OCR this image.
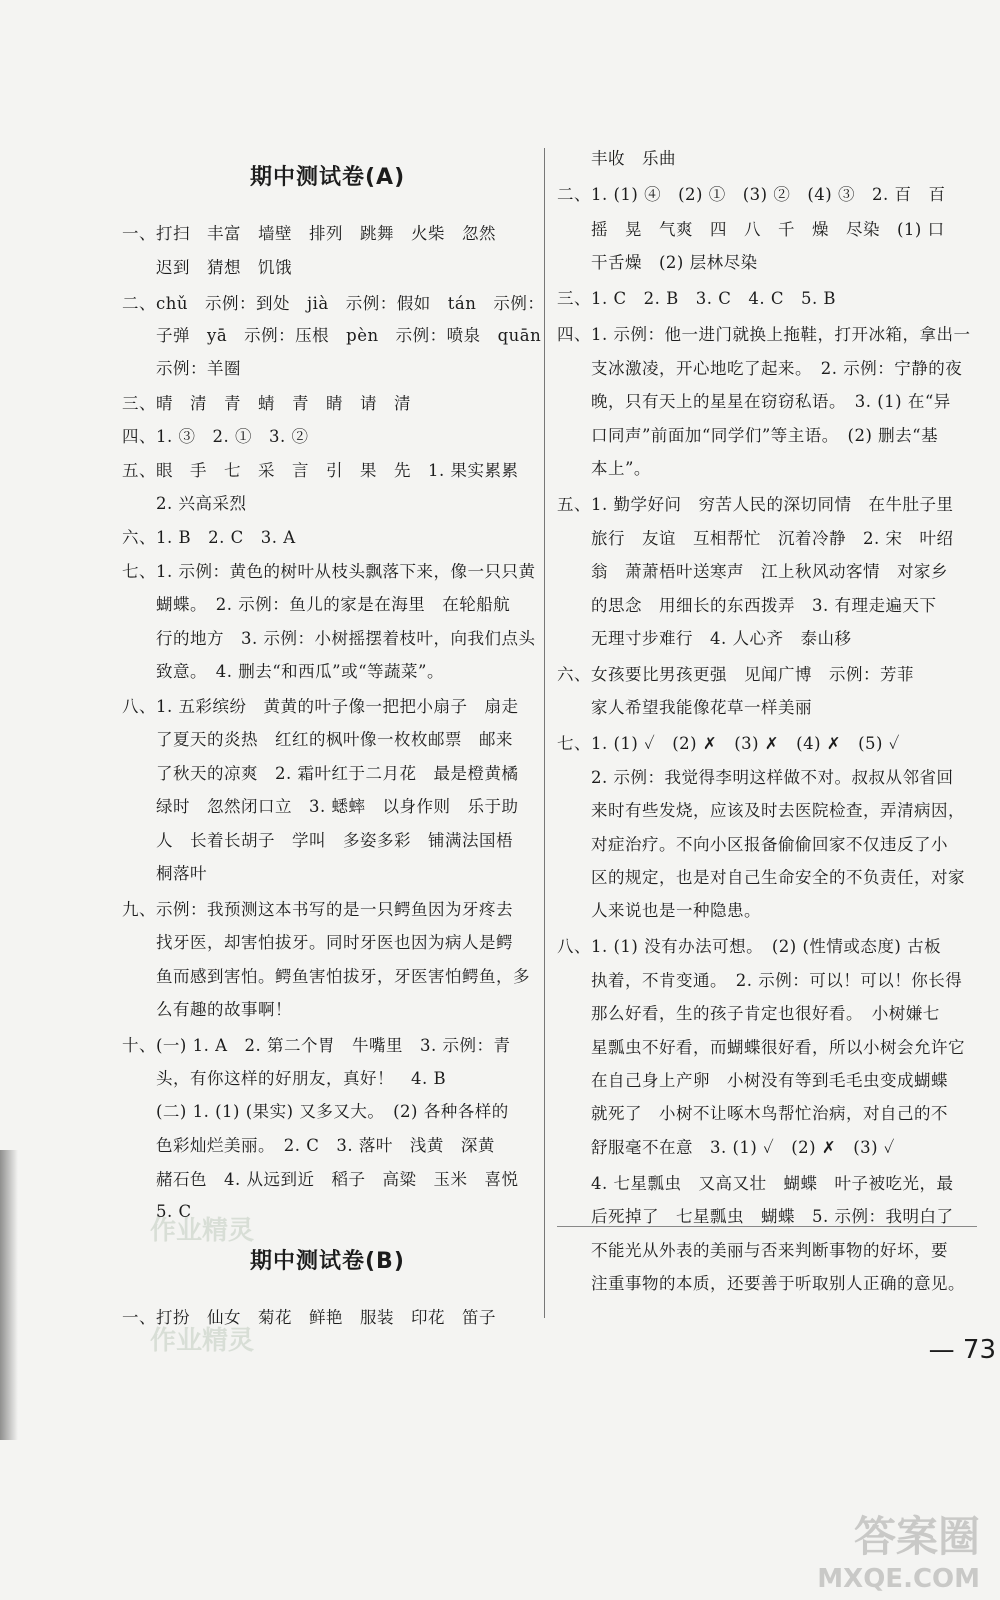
期中测试卷(A)
一、打扫　丰富　墙壁　排列　跳舞　火柴　忽然
　　迟到　猜想　饥饿
二、chǔ　示例：到处　jià　示例：假如　tán　示例：
　　子弹　yā　示例：压根　pèn　示例：喷泉　quān
　　示例：羊圈
三、晴　清　青　蜻　青　睛　请　清
四、1. ③　2. ①　3. ②
五、眼　手　七　采　言　引　果　先　1. 果实累累
　　2. 兴高采烈
六、1. B　2. C　3. A
七、1. 示例：黄色的树叶从枝头飘落下来，像一只只黄
　　蝴蝶。　2. 示例：鱼儿的家是在海里　在轮船航
　　行的地方　3. 示例：小树摇摆着枝叶，向我们点头
　　致意。　4. 删去“和西瓜”或“等蔬菜”。
八、1. 五彩缤纷　黄黄的叶子像一把把小扇子　扇走
　　了夏天的炎热　红红的枫叶像一枚枚邮票　邮来
　　了秋天的凉爽　2. 霜叶红于二月花　最是橙黄橘
　　绿时　忽然闭口立　3. 蟋蟀　以身作则　乐于助
　　人　长着长胡子　学叫　多姿多彩　铺满法国梧
　　桐落叶
九、示例：我预测这本书写的是一只鳄鱼因为牙疼去
　　找牙医，却害怕拔牙。同时牙医也因为病人是鳄
　　鱼而感到害怕。鳄鱼害怕拔牙，牙医害怕鳄鱼，多
　　么有趣的故事啊！
十、(一) 1. A　2. 第二个胃　牛嘴里　3. 示例：青
　　头，有你这样的好朋友，真好！　4. B
　　(二) 1. (1) (果实) 又多又大。　(2) 各种各样的
　　色彩灿烂美丽。　2. C　3. 落叶　浅黄　深黄
　　赭石色　4. 从远到近　稻子　高粱　玉米　喜悦
　　5. C
期中测试卷(B)
一、打扮　仙女　菊花　鲜艳　服装　印花　笛子
　　丰收　乐曲
二、1. (1) ④　(2) ①　(3) ②　(4) ③　2. 百　百
　　摇　晃　气爽　四　八　千　燥　尽染　(1) 口
　　干舌燥　(2) 层林尽染
三、1. C　2. B　3. C　4. C　5. B
四、1. 示例：他一进门就换上拖鞋，打开冰箱，拿出一
　　支冰激凌，开心地吃了起来。　2. 示例：宁静的夜
　　晚，只有天上的星星在窃窃私语。　3. (1) 在“异
　　口同声”前面加“同学们”等主语。　(2) 删去“基
　　本上”。
五、1. 勤学好问　穷苦人民的深切同情　在牛肚子里
　　旅行　友谊　互相帮忙　沉着冷静　2. 宋　叶绍
　　翁　萧萧梧叶送寒声　江上秋风动客情　对家乡
　　的思念　用细长的东西拨弄　3. 有理走遍天下
　　无理寸步难行　4. 人心齐　泰山移
六、女孩要比男孩更强　见闻广博　示例：芳菲
　　家人希望我能像花草一样美丽
七、1. (1) ✓　(2) ✗　(3) ✗　(4) ✗　(5) ✓
　　2. 示例：我觉得李明这样做不对。叔叔从邻省回
　　来时有些发烧，应该及时去医院检查，弄清病因，
　　对症治疗。不向小区报备偷偷回家不仅违反了小
　　区的规定，也是对自己生命安全的不负责任，对家
　　人来说也是一种隐患。
八、1. (1) 没有办法可想。　(2) (性情或态度) 古板
　　执着，不肯变通。　2. 示例：可以！可以！你长得
　　那么好看，生的孩子肯定也很好看。　小树嫌七
　　星瓢虫不好看，而蝴蝶很好看，所以小树会允许它
　　在自己身上产卵　小树没有等到毛毛虫变成蝴蝶
　　就死了　小树不让啄木鸟帮忙治病，对自己的不
　　舒服毫不在意　3. (1) ✓　(2) ✗　(3) ✓
　　4. 七星瓢虫　又高又壮　蝴蝶　叶子被吃光，最
　　后死掉了　七星瓢虫　蝴蝶　5. 示例：我明白了
　　不能光从外表的美丽与否来判断事物的好坏，要
　　注重事物的本质，还要善于听取别人正确的意见。
— 73
作业精灵
作业精灵
答案圈
MXQE.COM
